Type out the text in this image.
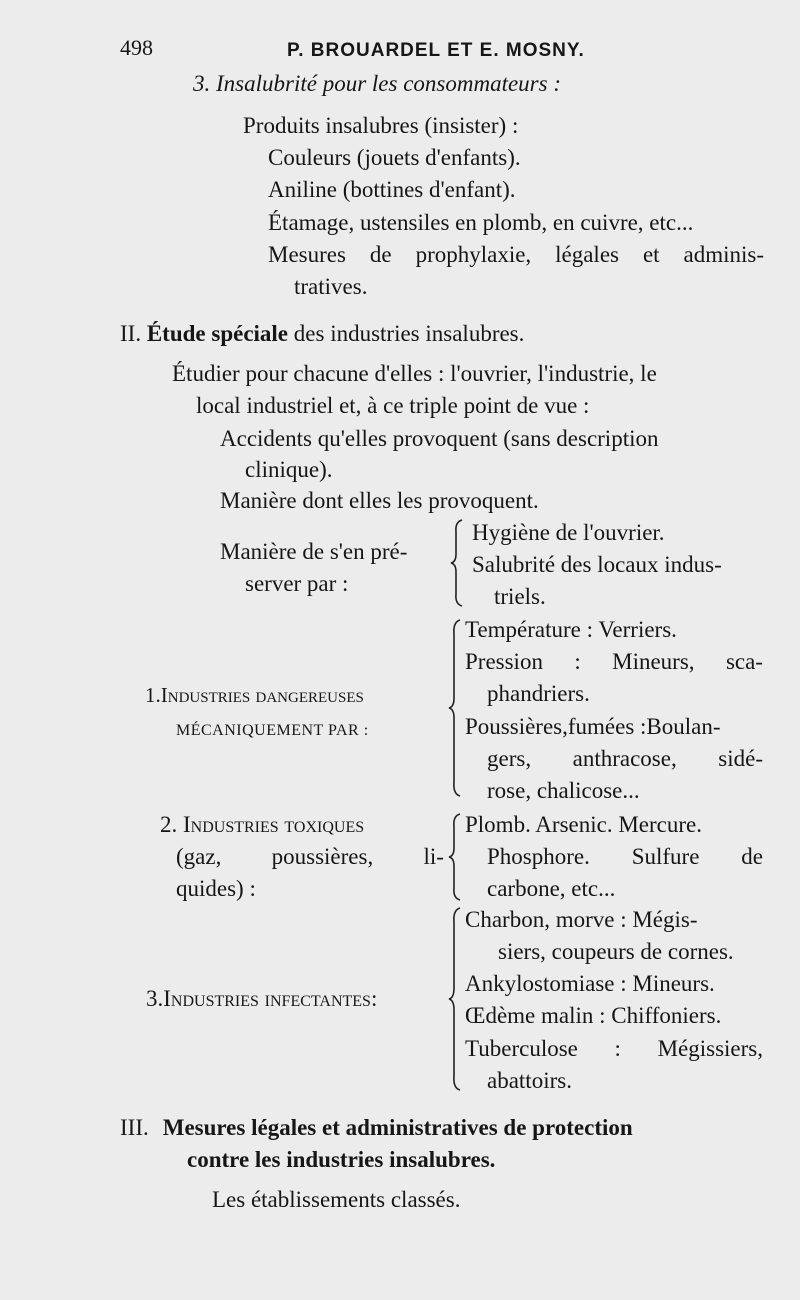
498	P. BROUARDEL ET E. MOSNY.
3. Insalubrité pour les consommateurs :
Produits insalubres (insister) :
Couleurs (jouets d'enfants).
Aniline (bottines d'enfant).
Étamage, ustensiles en plomb, en cuivre, etc...
Mesures de prophylaxie, légales et adminis-
tratives.
II. Étude spéciale des industries insalubres.
Étudier pour chacune d'elles : l'ouvrier, l'industrie, le
local industriel et, à ce triple point de vue :
Accidents qu'elles provoquent (sans description
clinique).
Manière dont elles les provoquent.
Manière de s'en pré-
server par :
Hygiène de l'ouvrier.
Salubrité des locaux indus-
triels.
1.Industries dangereuses
MÉCANIQUEMENT PAR :
Température : Verriers.
Pression : Mineurs, sca-
phandriers.
Poussières,fumées :Boulan-
gers, anthracose, sidé-
rose, chalicose...
2. Industries toxiques
(gaz, poussières, li-
quides) :
Plomb. Arsenic. Mercure.
Phosphore. Sulfure de
carbone, etc...
3.Industries infectantes:
Charbon, morve : Mégis-
siers, coupeurs de cornes.
Ankylostomiase : Mineurs.
Œdème malin : Chiffoniers.
Tuberculose : Mégissiers,
abattoirs.
III. Mesures légales et administratives de protection
contre les industries insalubres.
Les établissements classés.
